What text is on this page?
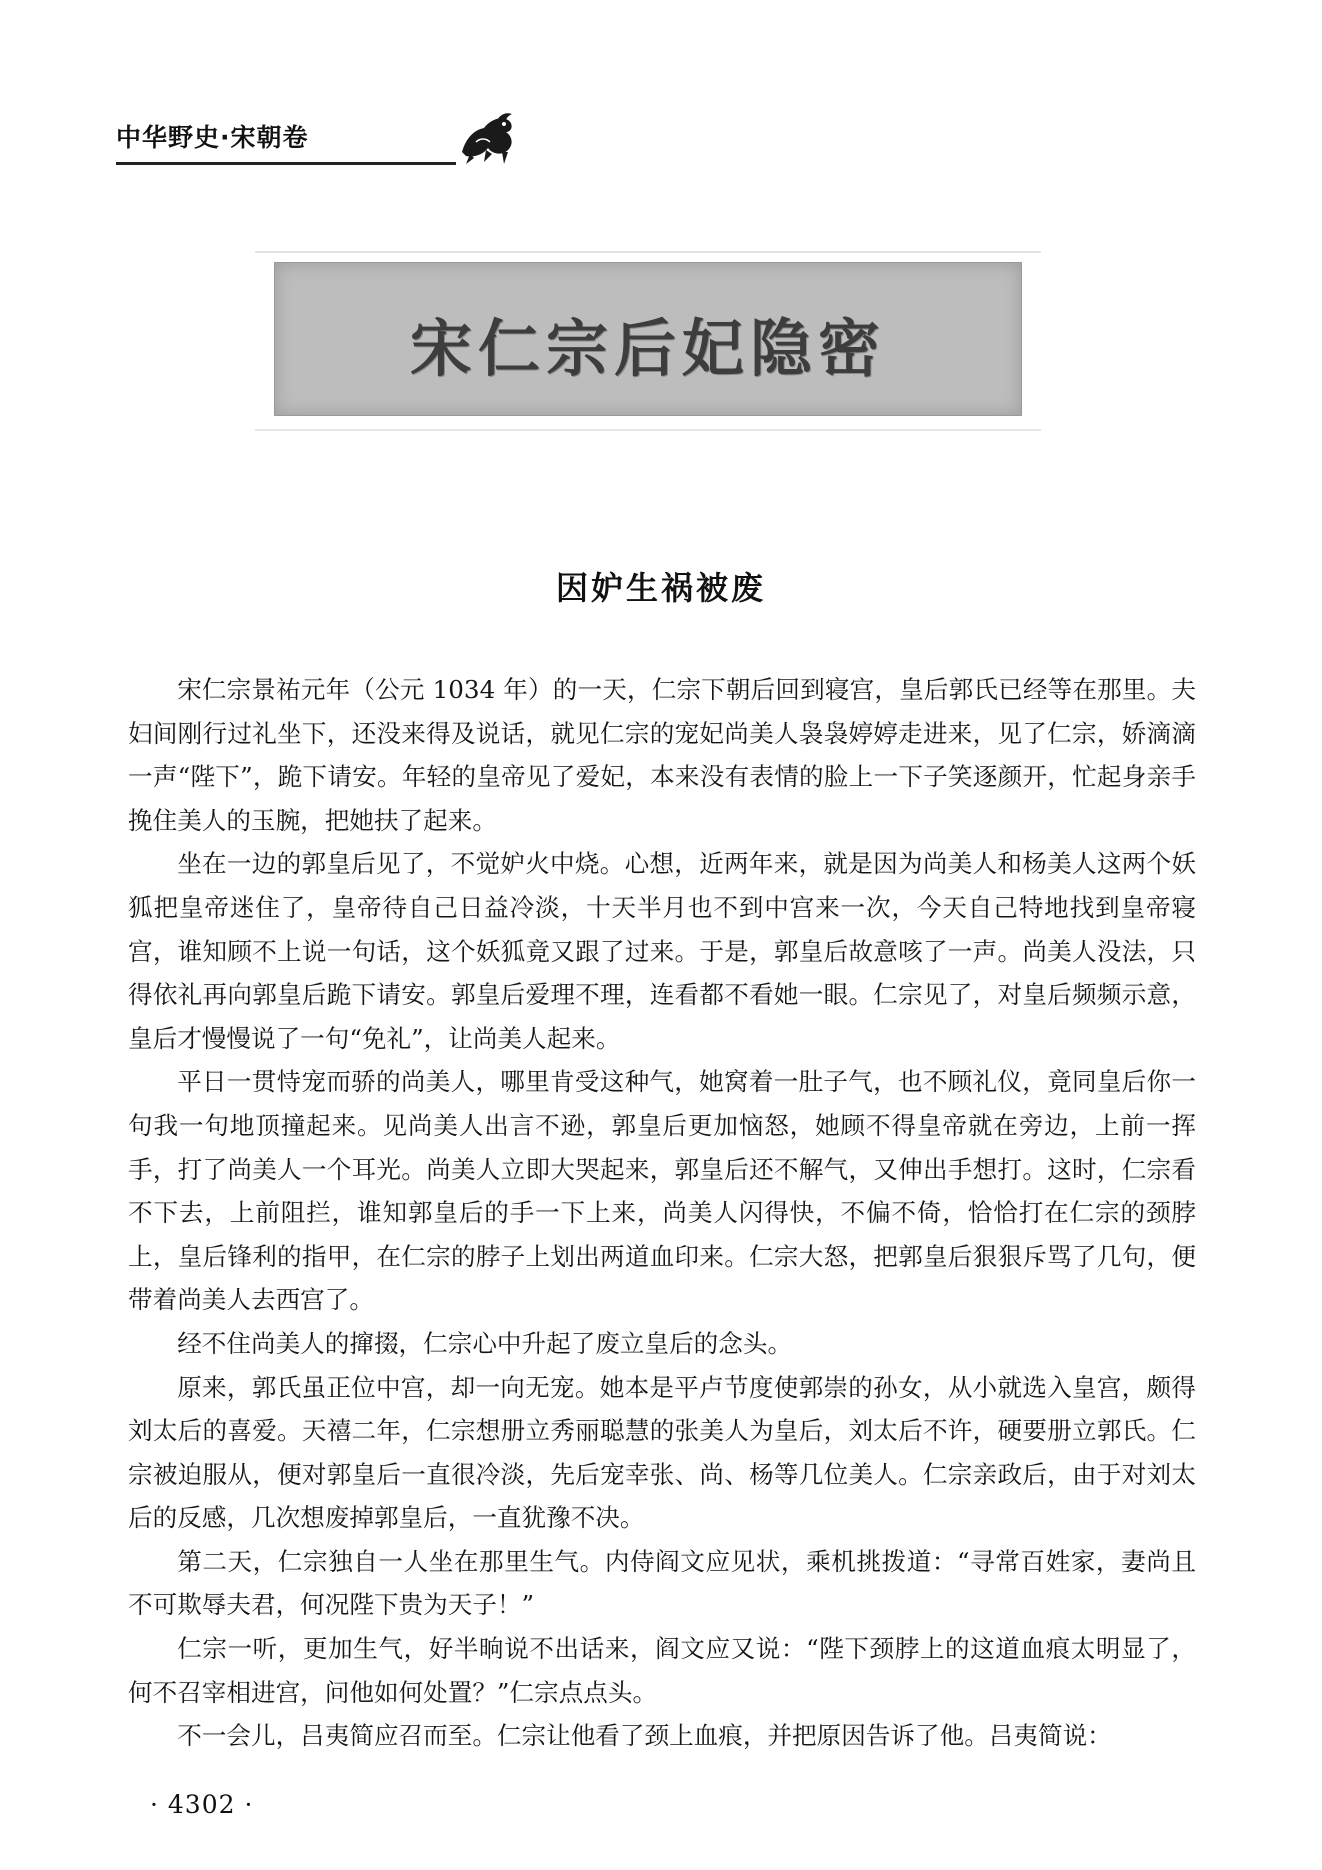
中华野史·宋朝卷
宋仁宗后妃隐密
因妒生祸被废

宋仁宗景祐元年（公元 1034 年）的一天，仁宗下朝后回到寝宫，皇后郭氏已经等在那里。夫妇间刚行过礼坐下，还没来得及说话，就见仁宗的宠妃尚美人袅袅婷婷走进来，见了仁宗，娇滴滴一声“陛下”，跪下请安。年轻的皇帝见了爱妃，本来没有表情的脸上一下子笑逐颜开，忙起身亲手挽住美人的玉腕，把她扶了起来。

坐在一边的郭皇后见了，不觉妒火中烧。心想，近两年来，就是因为尚美人和杨美人这两个妖狐把皇帝迷住了，皇帝待自己日益冷淡，十天半月也不到中宫来一次，今天自己特地找到皇帝寝宫，谁知顾不上说一句话，这个妖狐竟又跟了过来。于是，郭皇后故意咳了一声。尚美人没法，只得依礼再向郭皇后跪下请安。郭皇后爱理不理，连看都不看她一眼。仁宗见了，对皇后频频示意，皇后才慢慢说了一句“免礼”，让尚美人起来。

平日一贯恃宠而骄的尚美人，哪里肯受这种气，她窝着一肚子气，也不顾礼仪，竟同皇后你一句我一句地顶撞起来。见尚美人出言不逊，郭皇后更加恼怒，她顾不得皇帝就在旁边，上前一挥手，打了尚美人一个耳光。尚美人立即大哭起来，郭皇后还不解气，又伸出手想打。这时，仁宗看不下去，上前阻拦，谁知郭皇后的手一下上来，尚美人闪得快，不偏不倚，恰恰打在仁宗的颈脖上，皇后锋利的指甲，在仁宗的脖子上划出两道血印来。仁宗大怒，把郭皇后狠狠斥骂了几句，便带着尚美人去西宫了。

经不住尚美人的撺掇，仁宗心中升起了废立皇后的念头。

原来，郭氏虽正位中宫，却一向无宠。她本是平卢节度使郭崇的孙女，从小就选入皇宫，颇得刘太后的喜爱。天禧二年，仁宗想册立秀丽聪慧的张美人为皇后，刘太后不许，硬要册立郭氏。仁宗被迫服从，便对郭皇后一直很冷淡，先后宠幸张、尚、杨等几位美人。仁宗亲政后，由于对刘太后的反感，几次想废掉郭皇后，一直犹豫不决。

第二天，仁宗独自一人坐在那里生气。内侍阎文应见状，乘机挑拨道：“寻常百姓家，妻尚且不可欺辱夫君，何况陛下贵为天子！”

仁宗一听，更加生气，好半晌说不出话来，阎文应又说：“陛下颈脖上的这道血痕太明显了，何不召宰相进宫，问他如何处置？”仁宗点点头。

不一会儿，吕夷简应召而至。仁宗让他看了颈上血痕，并把原因告诉了他。吕夷简说：

· 4302 ·
